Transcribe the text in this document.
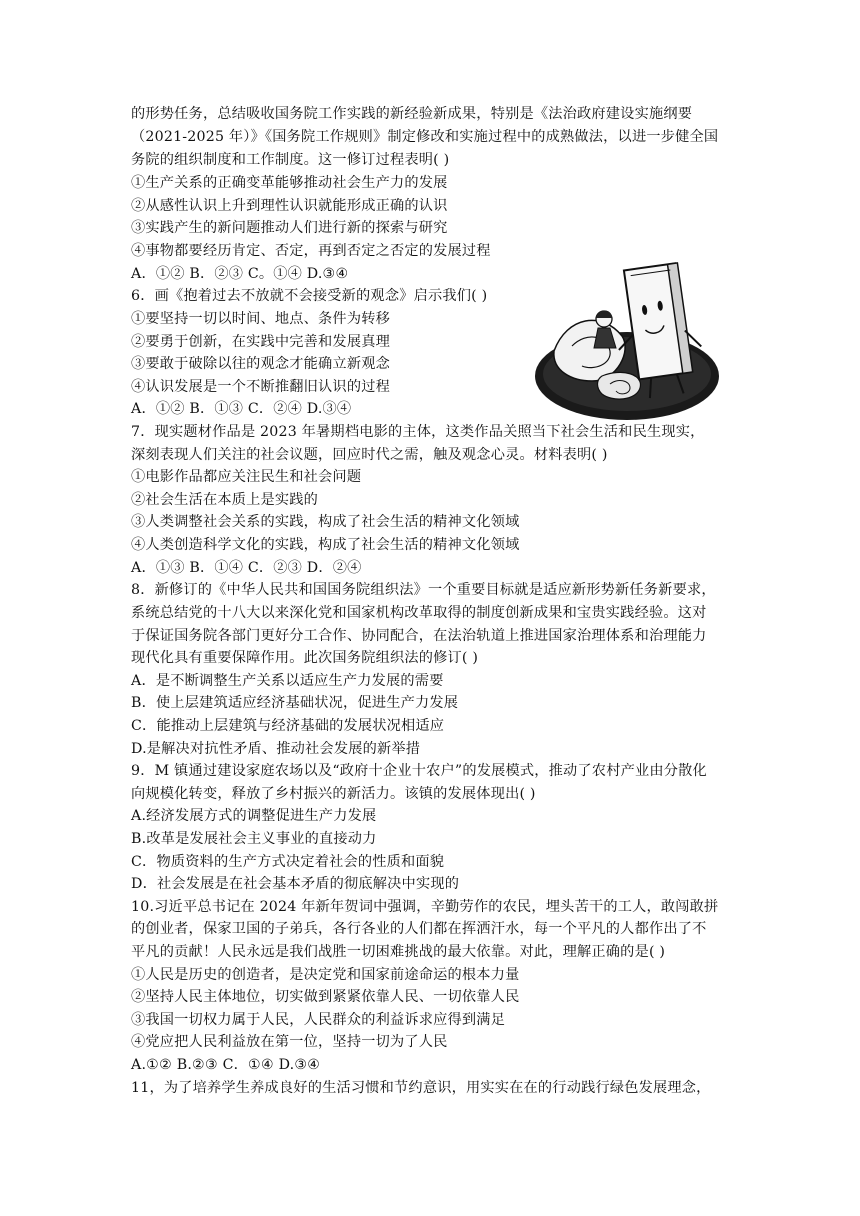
的形势任务，总结吸收国务院工作实践的新经验新成果，特别是《法治政府建设实施纲要
（2021-2025 年）》《国务院工作规则》制定修改和实施过程中的成熟做法，以进一步健全国
务院的组织制度和工作制度。这一修订过程表明( )
①生产关系的正确变革能够推动社会生产力的发展
②从感性认识上升到理性认识就能形成正确的认识
③实践产生的新问题推动人们进行新的探索与研究
④事物都要经历肯定、否定，再到否定之否定的发展过程
A．①② B．②③ C。①④ D.③④
6．画《抱着过去不放就不会接受新的观念》启示我们( )
①要坚持一切以时间、地点、条件为转移
②要勇于创新，在实践中完善和发展真理
③要敢于破除以往的观念才能确立新观念
④认识发展是一个不断推翻旧认识的过程
A．①② B．①③ C．②④ D.③④
7．现实题材作品是 2023 年暑期档电影的主体，这类作品关照当下社会生活和民生现实，
深刻表现人们关注的社会议题，回应时代之需，触及观念心灵。材料表明( )
①电影作品都应关注民生和社会问题
②社会生活在本质上是实践的
③人类调整社会关系的实践，构成了社会生活的精神文化领域
④人类创造科学文化的实践，构成了社会生活的精神文化领域
A．①③ B．①④ C．②③ D．②④
8．新修订的《中华人民共和国国务院组织法》一个重要目标就是适应新形势新任务新要求，
系统总结党的十八大以来深化党和国家机构改革取得的制度创新成果和宝贵实践经验。这对
于保证国务院各部门更好分工合作、协同配合，在法治轨道上推进国家治理体系和治理能力
现代化具有重要保障作用。此次国务院组织法的修订( )
A．是不断调整生产关系以适应生产力发展的需要
B．使上层建筑适应经济基础状况，促进生产力发展
C．能推动上层建筑与经济基础的发展状况相适应
D.是解决对抗性矛盾、推动社会发展的新举措
9．M 镇通过建设家庭农场以及“政府十企业十农户”的发展模式，推动了农村产业由分散化
向规模化转变，释放了乡村振兴的新活力。该镇的发展体现出( )
A.经济发展方式的调整促进生产力发展
B.改革是发展社会主义事业的直接动力
C．物质资料的生产方式决定着社会的性质和面貌
D．社会发展是在社会基本矛盾的彻底解决中实现的
10.习近平总书记在 2024 年新年贺词中强调，辛勤劳作的农民，埋头苦干的工人，敢闯敢拼
的创业者，保家卫国的子弟兵，各行各业的人们都在挥洒汗水，每一个平凡的人都作出了不
平凡的贡献！人民永远是我们战胜一切困难挑战的最大依靠。对此，理解正确的是( )
①人民是历史的创造者，是决定党和国家前途命运的根本力量
②坚持人民主体地位，切实做到紧紧依靠人民、一切依靠人民
③我国一切权力属于人民，人民群众的利益诉求应得到满足
④党应把人民利益放在第一位，坚持一切为了人民
A.①② B.②③ C．①④ D.③④
11，为了培养学生养成良好的生活习惯和节约意识，用实实在在的行动践行绿色发展理念，
